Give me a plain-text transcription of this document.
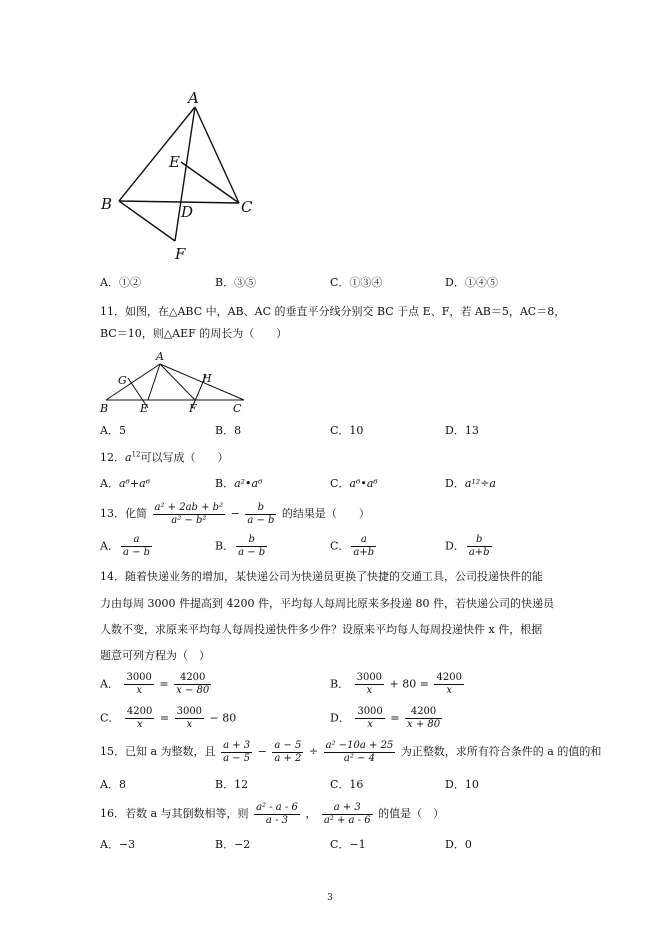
A
B	C
D
E
F
A．①②	B．③⑤	C．①③④	D．①④⑤
11．如图，在△ABC 中，AB、AC 的垂直平分线分别交 BC 于点 E、F，若 AB＝5，AC＝8，
BC＝10，则△AEF 的周长为（　　）
A
G	H
B	E	F	C
A．5	B．8	C．10	D．13
12．$a^{12}$可以写成（　　）
A．a⁶+a⁶	B．a²•a⁶	C．a⁶•a⁶	D．a¹²÷a
13．化简 $\frac{\text{a² + 2ab + b²}}{\text{a² − b²}} - \frac{b}{a - b}$ 的结果是（　　）
A． $\frac{a}{a - b}$	B． $\frac{b}{a - b}$	C． $\frac{a}{a+b}$	D． $\frac{b}{a+b}$
14．随着快递业务的增加，某快递公司为快递员更换了快捷的交通工具，公司投递快件的能
力由每周 3000 件提高到 4200 件，平均每人每周比原来多投递 80 件，若快递公司的快递员
人数不变，求原来平均每人每周投递快件多少件？设原来平均每人每周投递快件 x 件，根据
题意可列方程为（　）
A． $\frac{3000}{x} = \frac{4200}{x - 80}$	B． $\frac{3000}{x} + 80 = \frac{4200}{x}$
C． $\frac{4200}{x} = \frac{3000}{x} - 80$	D． $\frac{3000}{x} = \frac{4200}{x + 80}$
15．已知 a 为整数，且 $\frac{a + 3}{a - 5} - \frac{a - 5}{a + 2} \div \frac{\text{a² −10a + 25}}{\text{a² − 4}}$ 为正整数，求所有符合条件的 a 的值的和
A．8	B．12	C．16	D．10
16．若数 a 与其倒数相等，则 $\frac{\text{a² - a - 6}}{a - 3}$ ， $\frac{a + 3}{\text{a² + a - 6}}$ 的值是（　）
A．−3	B．−2	C．−1	D．0
3
